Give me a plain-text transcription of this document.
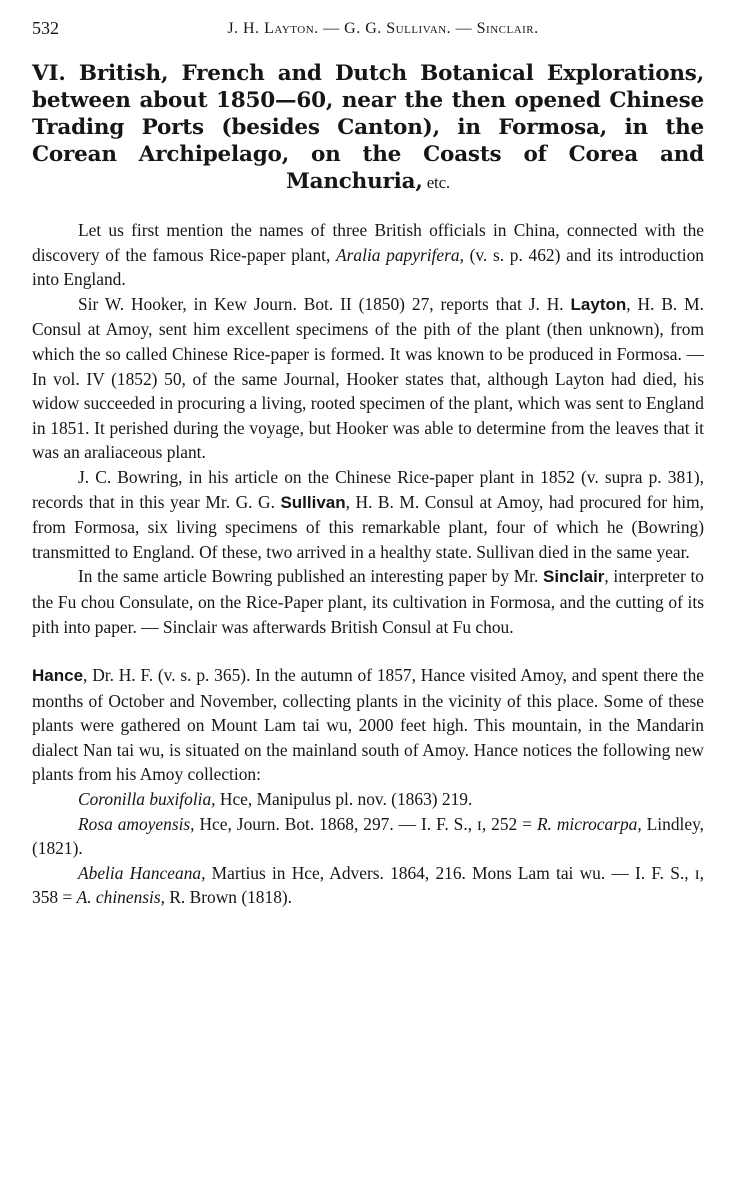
532	J. H. Layton. — G. G. Sullivan. — Sinclair.
VI. British, French and Dutch Botanical Explorations, between about 1850—60, near the then opened Chinese Trading Ports (besides Canton), in Formosa, in the Corean Archipelago, on the Coasts of Corea and Manchuria, etc.

Let us first mention the names of three British officials in China, connected with the discovery of the famous Rice-paper plant, Aralia papyrifera, (v. s. p. 462) and its introduction into England.

Sir W. Hooker, in Kew Journ. Bot. II (1850) 27, reports that J. H. Layton, H. B. M. Consul at Amoy, sent him excellent specimens of the pith of the plant (then unknown), from which the so called Chinese Rice-paper is formed. It was known to be produced in Formosa. — In vol. IV (1852) 50, of the same Journal, Hooker states that, although Layton had died, his widow succeeded in procuring a living, rooted specimen of the plant, which was sent to England in 1851. It perished during the voyage, but Hooker was able to determine from the leaves that it was an araliaceous plant.

J. C. Bowring, in his article on the Chinese Rice-paper plant in 1852 (v. supra p. 381), records that in this year Mr. G. G. Sullivan, H. B. M. Consul at Amoy, had procured for him, from Formosa, six living specimens of this remarkable plant, four of which he (Bowring) transmitted to England. Of these, two arrived in a healthy state. Sullivan died in the same year.

In the same article Bowring published an interesting paper by Mr. Sinclair, interpreter to the Fu chou Consulate, on the Rice-Paper plant, its cultivation in Formosa, and the cutting of its pith into paper. — Sinclair was afterwards British Consul at Fu chou.

Hance, Dr. H. F. (v. s. p. 365). In the autumn of 1857, Hance visited Amoy, and spent there the months of October and November, collecting plants in the vicinity of this place. Some of these plants were gathered on Mount Lam tai wu, 2000 feet high. This mountain, in the Mandarin dialect Nan tai wu, is situated on the mainland south of Amoy. Hance notices the following new plants from his Amoy collection:

Coronilla buxifolia, Hce, Manipulus pl. nov. (1863) 219.

Rosa amoyensis, Hce, Journ. Bot. 1868, 297. — I. F. S., ɪ, 252 = R. microcarpa, Lindley, (1821).

Abelia Hanceana, Martius in Hce, Advers. 1864, 216. Mons Lam tai wu. — I. F. S., ɪ, 358 = A. chinensis, R. Brown (1818).
